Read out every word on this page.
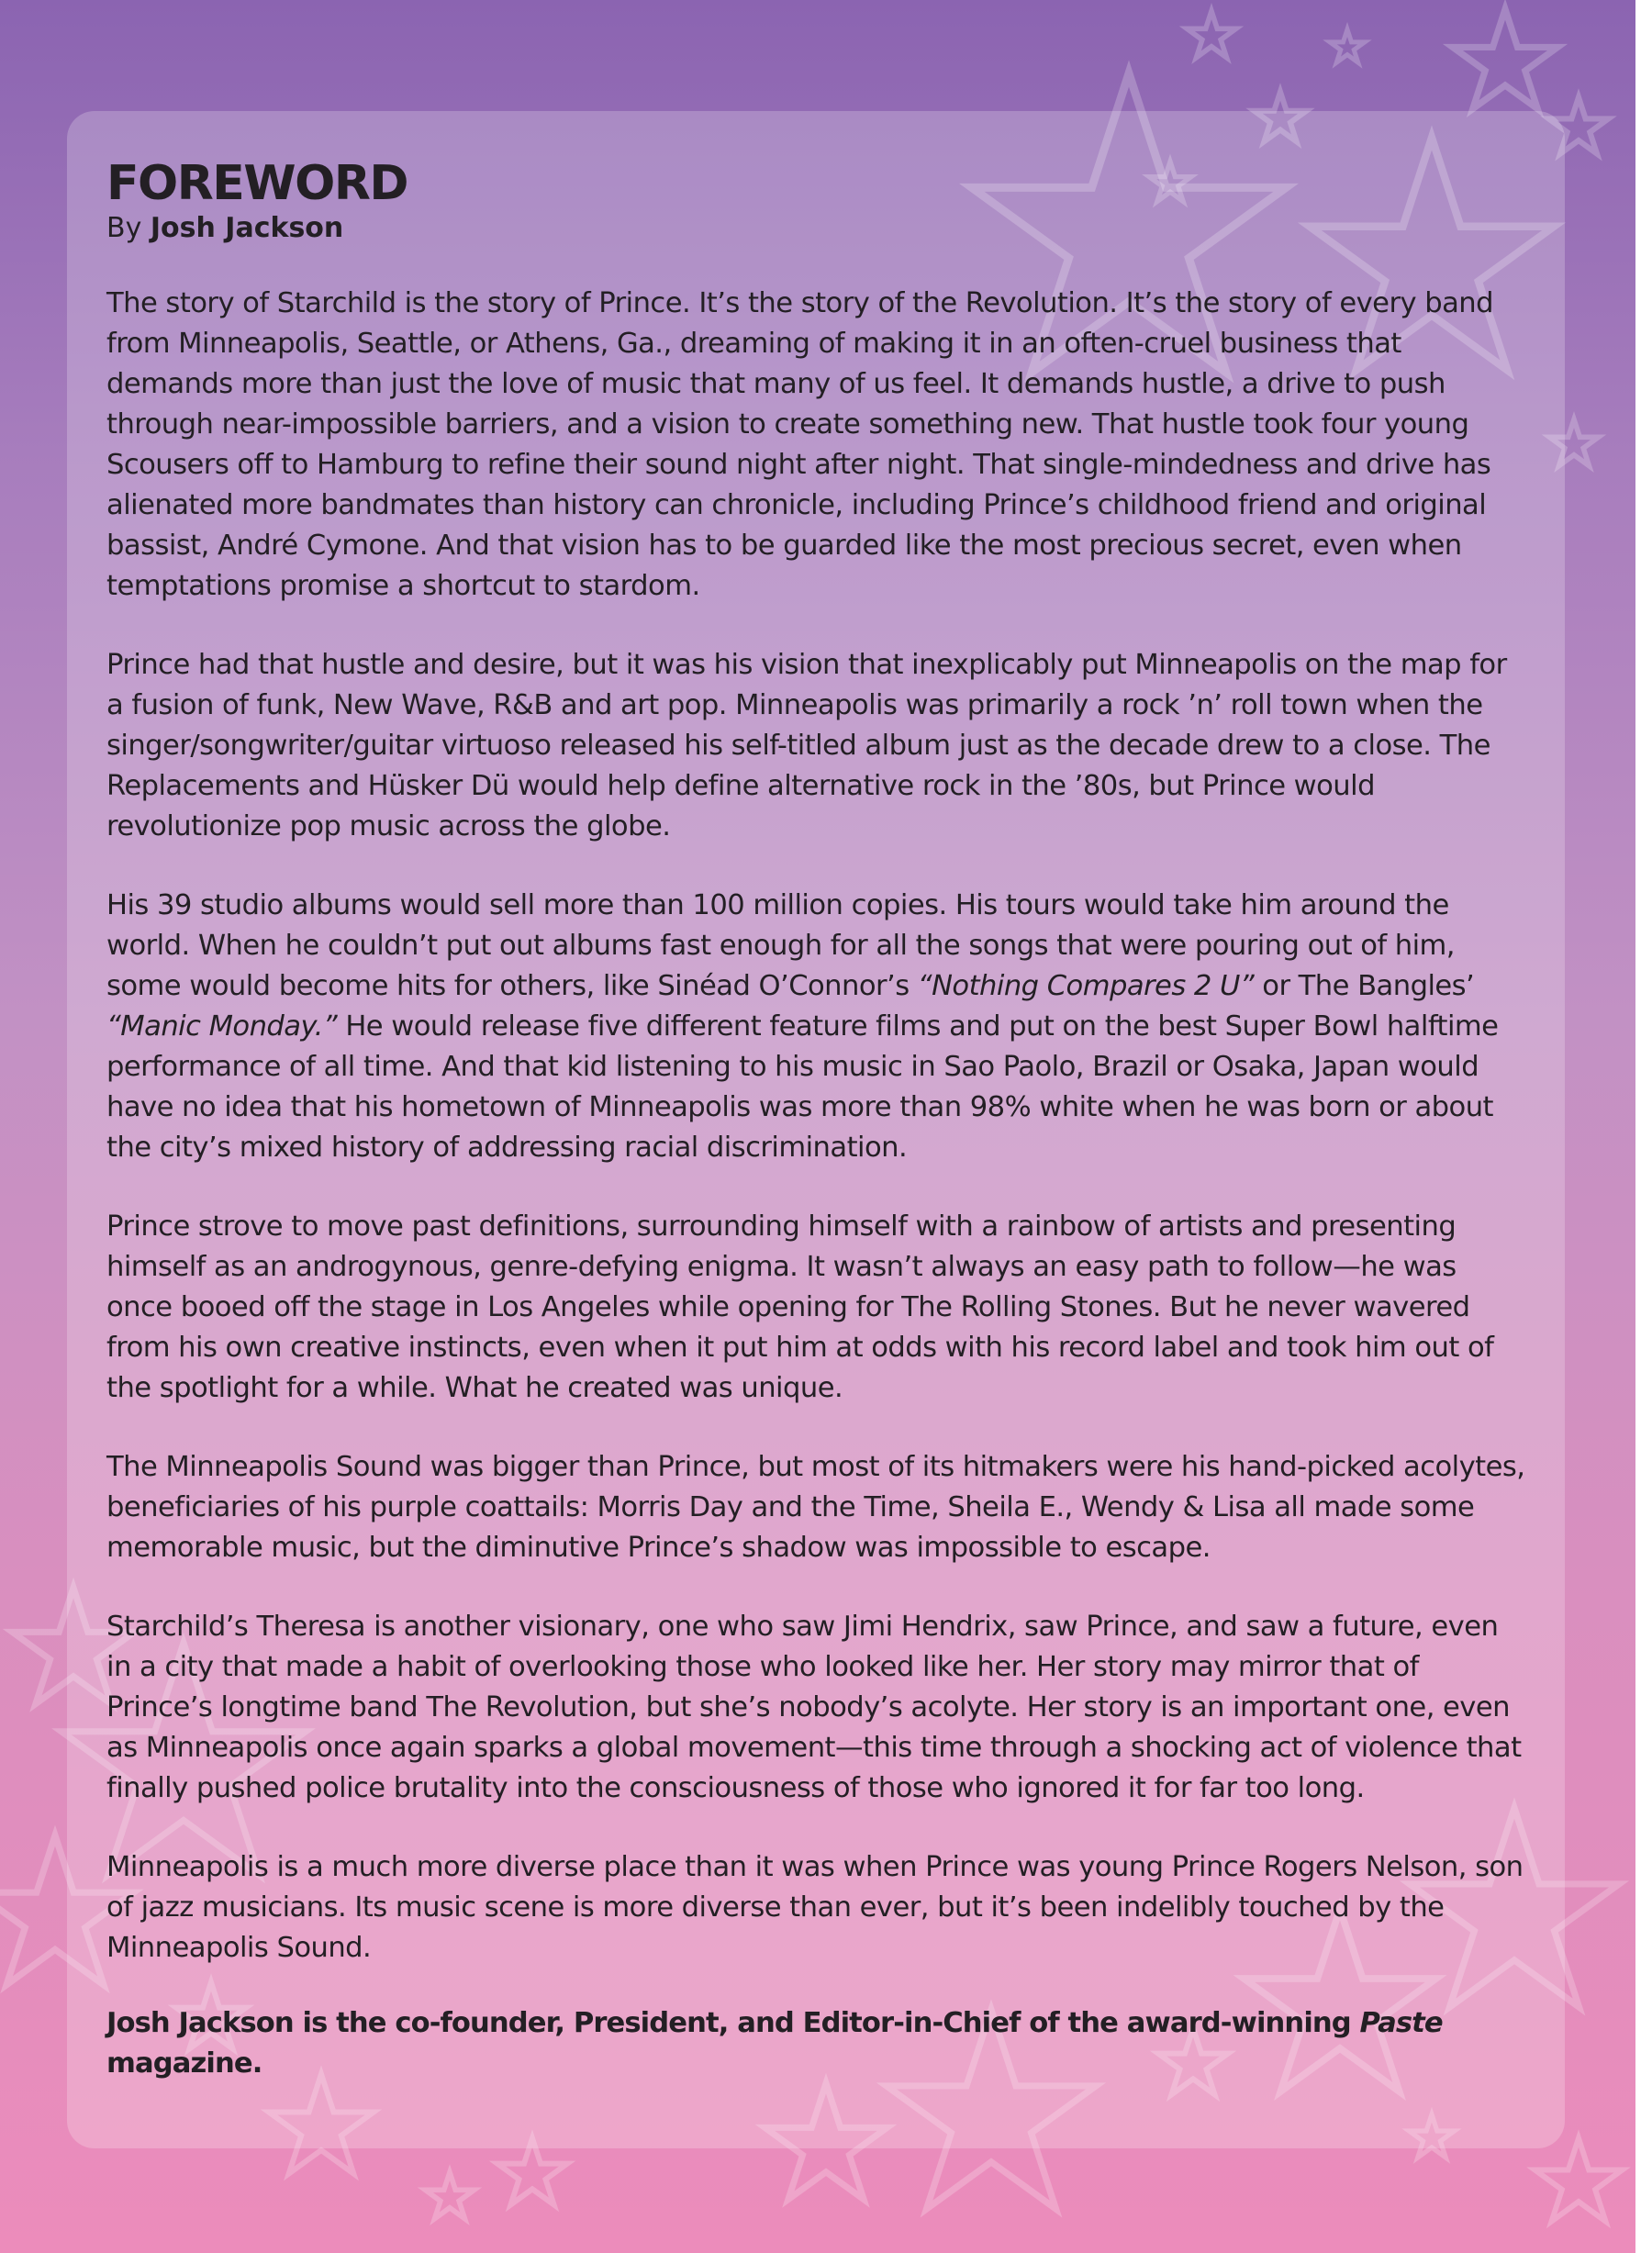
FOREWORD

By Josh Jackson

The story of Starchild is the story of Prince. It’s the story of the Revolution. It’s the story of every band from Minneapolis, Seattle, or Athens, Ga., dreaming of making it in an often-cruel business that demands more than just the love of music that many of us feel. It demands hustle, a drive to push through near-impossible barriers, and a vision to create something new. That hustle took four young Scousers off to Hamburg to refine their sound night after night. That single-mindedness and drive has alienated more bandmates than history can chronicle, including Prince’s childhood friend and original bassist, André Cymone. And that vision has to be guarded like the most precious secret, even when temptations promise a shortcut to stardom.

Prince had that hustle and desire, but it was his vision that inexplicably put Minneapolis on the map for a fusion of funk, New Wave, R&B and art pop. Minneapolis was primarily a rock ’n’ roll town when the singer/songwriter/guitar virtuoso released his self-titled album just as the decade drew to a close. The Replacements and Hüsker Dü would help define alternative rock in the ’80s, but Prince would revolutionize pop music across the globe.

His 39 studio albums would sell more than 100 million copies. His tours would take him around the world. When he couldn’t put out albums fast enough for all the songs that were pouring out of him, some would become hits for others, like Sinéad O’Connor’s “Nothing Compares 2 U” or The Bangles’ “Manic Monday.” He would release five different feature films and put on the best Super Bowl halftime performance of all time. And that kid listening to his music in Sao Paolo, Brazil or Osaka, Japan would have no idea that his hometown of Minneapolis was more than 98% white when he was born or about the city’s mixed history of addressing racial discrimination.

Prince strove to move past definitions, surrounding himself with a rainbow of artists and presenting himself as an androgynous, genre-defying enigma. It wasn’t always an easy path to follow—he was once booed off the stage in Los Angeles while opening for The Rolling Stones. But he never wavered from his own creative instincts, even when it put him at odds with his record label and took him out of the spotlight for a while. What he created was unique.

The Minneapolis Sound was bigger than Prince, but most of its hitmakers were his hand-picked acolytes, beneficiaries of his purple coattails: Morris Day and the Time, Sheila E., Wendy & Lisa all made some memorable music, but the diminutive Prince’s shadow was impossible to escape.

Starchild’s Theresa is another visionary, one who saw Jimi Hendrix, saw Prince, and saw a future, even in a city that made a habit of overlooking those who looked like her. Her story may mirror that of Prince’s longtime band The Revolution, but she’s nobody’s acolyte. Her story is an important one, even as Minneapolis once again sparks a global movement—this time through a shocking act of violence that finally pushed police brutality into the consciousness of those who ignored it for far too long.

Minneapolis is a much more diverse place than it was when Prince was young Prince Rogers Nelson, son of jazz musicians. Its music scene is more diverse than ever, but it’s been indelibly touched by the Minneapolis Sound.

Josh Jackson is the co-founder, President, and Editor-in-Chief of the award-winning Paste magazine.
